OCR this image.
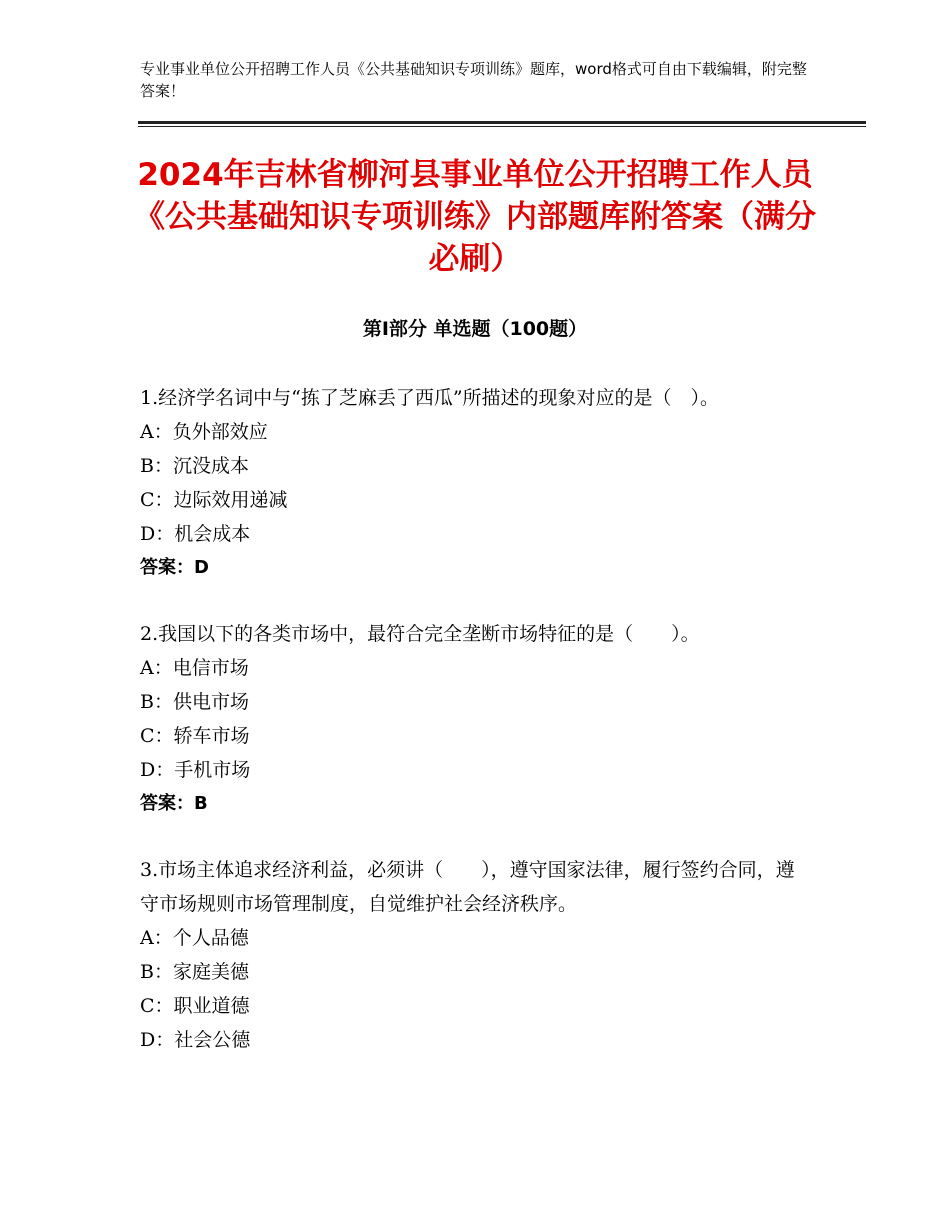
专业事业单位公开招聘工作人员《公共基础知识专项训练》题库，word格式可自由下载编辑，附完整答案！
2024年吉林省柳河县事业单位公开招聘工作人员《公共基础知识专项训练》内部题库附答案（满分必刷）
第Ⅰ部分 单选题（100题）
1.经济学名词中与“拣了芝麻丢了西瓜”所描述的现象对应的是（　）。
A：负外部效应
B：沉没成本
C：边际效用递减
D：机会成本
答案：D
2.我国以下的各类市场中，最符合完全垄断市场特征的是（　　）。
A：电信市场
B：供电市场
C：轿车市场
D：手机市场
答案：B
3.市场主体追求经济利益，必须讲（　　），遵守国家法律，履行签约合同，遵守市场规则市场管理制度，自觉维护社会经济秩序。
A：个人品德
B：家庭美德
C：职业道德
D：社会公德
